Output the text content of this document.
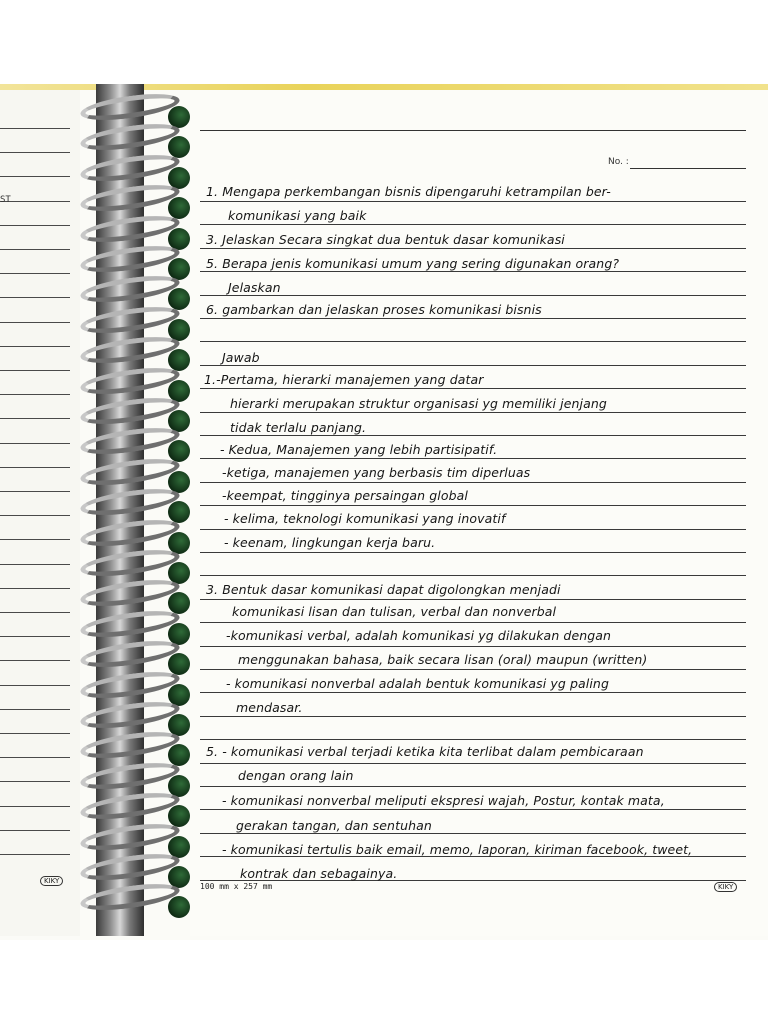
ST
KIKY
No. :
1. Mengapa perkembangan bisnis dipengaruhi ketrampilan ber-
komunikasi yang baik
3. Jelaskan Secara singkat dua bentuk dasar komunikasi
5. Berapa jenis komunikasi umum yang sering digunakan orang?
Jelaskan
6. gambarkan dan jelaskan proses komunikasi bisnis
Jawab
1.-Pertama, hierarki manajemen yang datar
hierarki merupakan struktur organisasi yg memiliki jenjang
tidak terlalu panjang.
- Kedua, Manajemen yang lebih partisipatif.
-ketiga, manajemen yang berbasis tim diperluas
-keempat, tingginya persaingan global
- kelima, teknologi komunikasi yang inovatif
- keenam, lingkungan kerja baru.
3. Bentuk dasar komunikasi dapat digolongkan menjadi
komunikasi lisan dan tulisan, verbal dan nonverbal
-komunikasi verbal, adalah komunikasi yg dilakukan dengan
menggunakan bahasa, baik secara lisan (oral) maupun (written)
- komunikasi nonverbal adalah bentuk komunikasi yg paling
mendasar.
5. - komunikasi verbal terjadi ketika kita terlibat dalam pembicaraan
dengan orang lain
- komunikasi nonverbal meliputi ekspresi wajah, Postur, kontak mata,
gerakan tangan, dan sentuhan
- komunikasi tertulis baik email, memo, laporan, kiriman facebook, tweet,
kontrak dan sebagainya.
100 mm x 257 mm	KIKY
